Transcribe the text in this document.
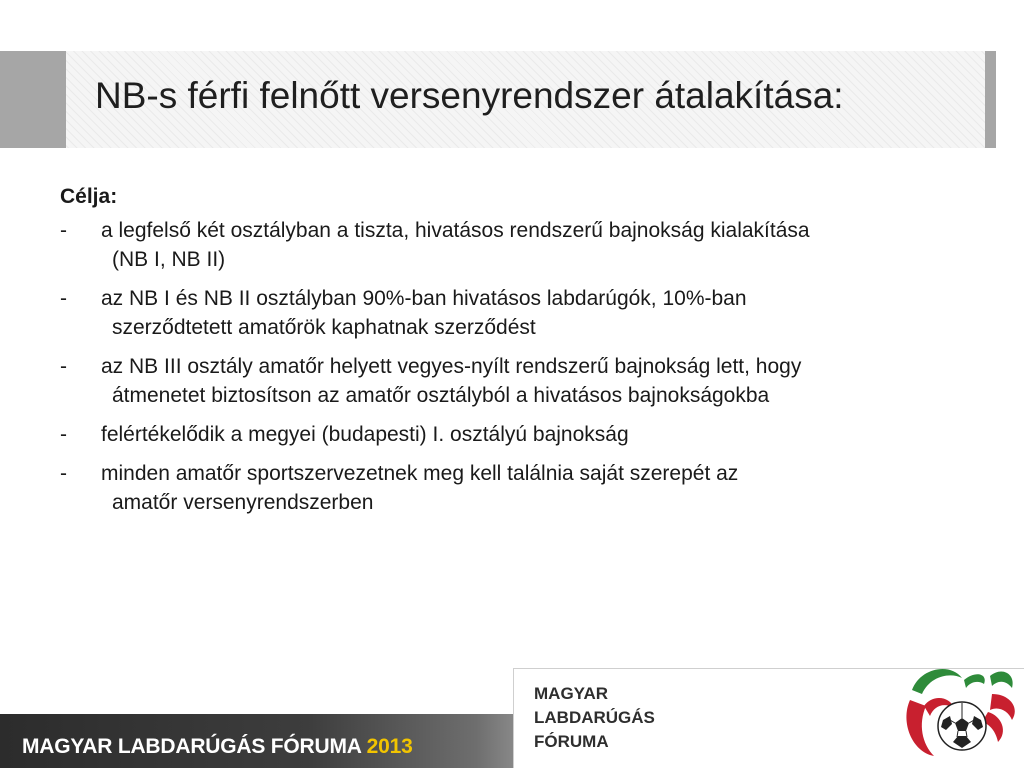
NB-s férfi felnőtt versenyrendszer átalakítása:
Célja:
- a legfelső két osztályban a tiszta, hivatásos rendszerű bajnokság kialakítása
(NB I, NB II)
- az NB I és NB II osztályban 90%-ban hivatásos labdarúgók, 10%-ban
szerződtetett amatőrök kaphatnak szerződést
- az NB III osztály amatőr helyett vegyes-nyílt rendszerű bajnokság lett, hogy
átmenetet biztosítson az amatőr osztályból a hivatásos bajnokságokba
- felértékelődik a megyei (budapesti) I. osztályú bajnokság
- minden amatőr sportszervezetnek meg kell találnia saját szerepét az
amatőr versenyrendszerben
MAGYAR LABDARÚGÁS FÓRUMA 2013
MAGYAR
LABDARÚGÁS
FÓRUMA
